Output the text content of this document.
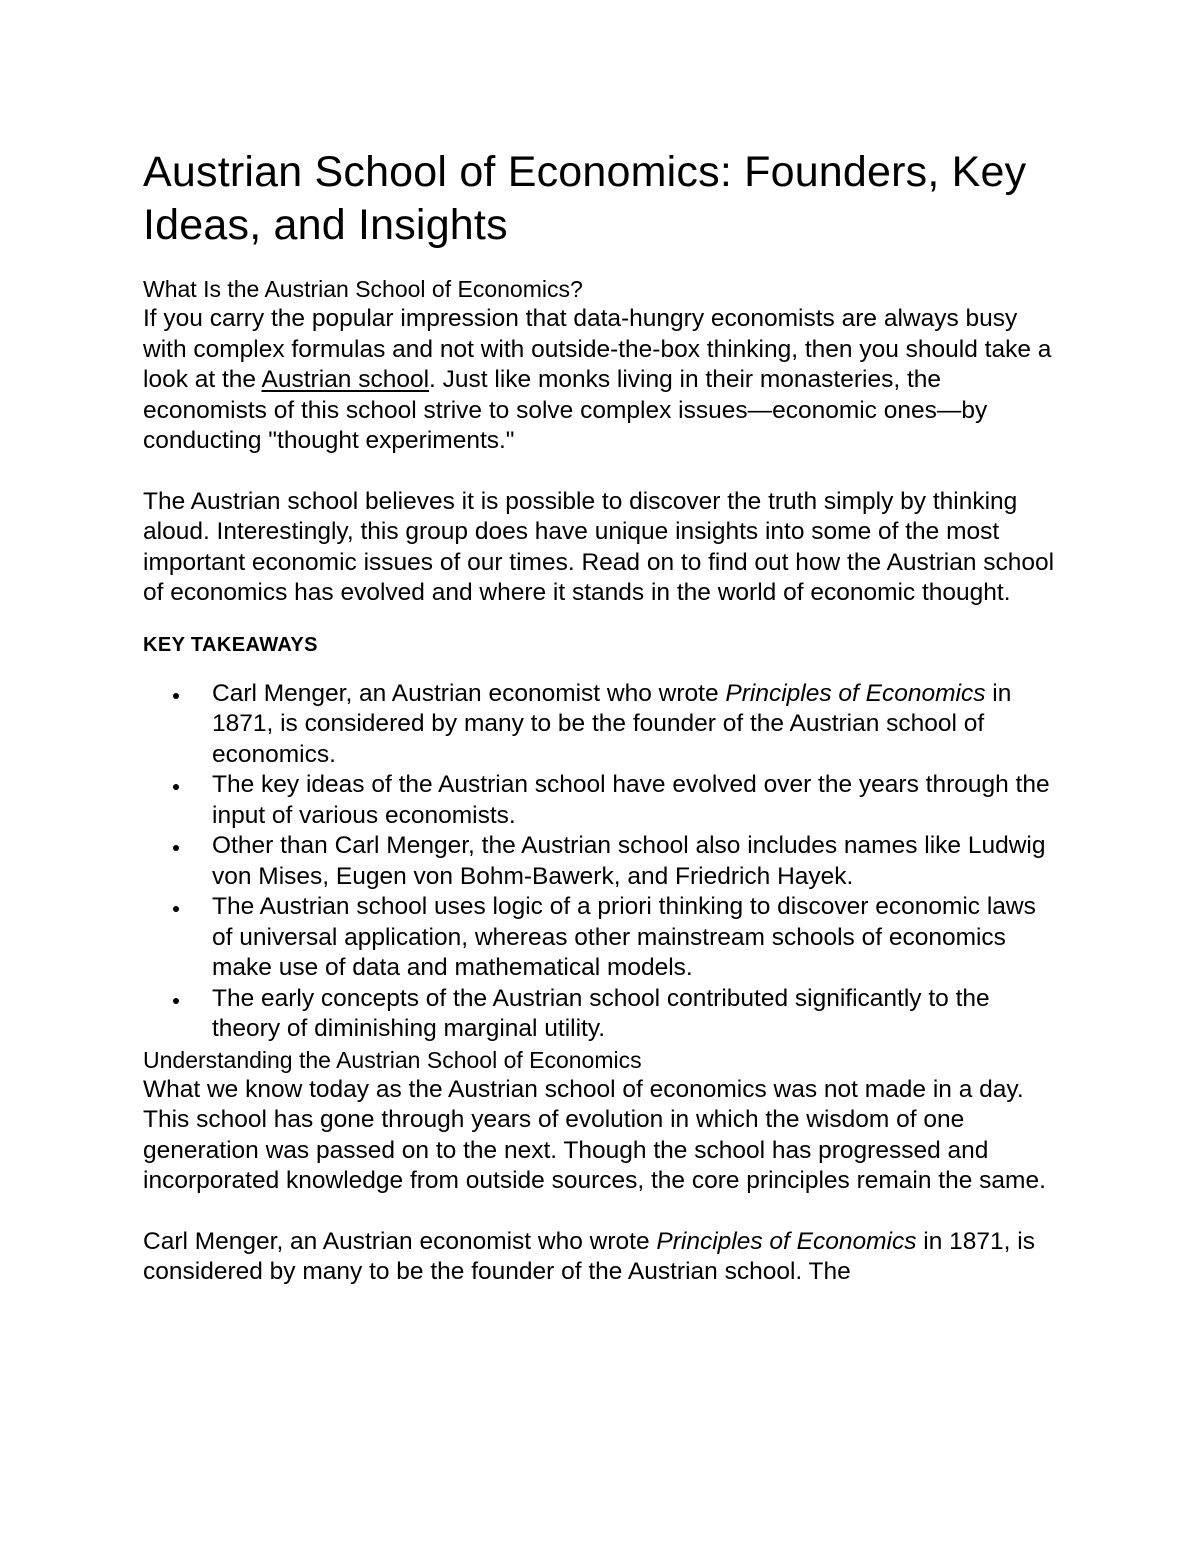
Austrian School of Economics: Founders, Key Ideas, and Insights
What Is the Austrian School of Economics?

If you carry the popular impression that data-hungry economists are always busy with complex formulas and not with outside-the-box thinking, then you should take a look at the Austrian school. Just like monks living in their monasteries, the economists of this school strive to solve complex issues—economic ones—by conducting "thought experiments."

The Austrian school believes it is possible to discover the truth simply by thinking aloud. Interestingly, this group does have unique insights into some of the most important economic issues of our times. Read on to find out how the Austrian school of economics has evolved and where it stands in the world of economic thought.

KEY TAKEAWAYS
Carl Menger, an Austrian economist who wrote Principles of Economics in 1871, is considered by many to be the founder of the Austrian school of economics.
The key ideas of the Austrian school have evolved over the years through the input of various economists.
Other than Carl Menger, the Austrian school also includes names like Ludwig von Mises, Eugen von Bohm-Bawerk, and Friedrich Hayek.
The Austrian school uses logic of a priori thinking to discover economic laws of universal application, whereas other mainstream schools of economics make use of data and mathematical models.
The early concepts of the Austrian school contributed significantly to the theory of diminishing marginal utility.
Understanding the Austrian School of Economics

What we know today as the Austrian school of economics was not made in a day. This school has gone through years of evolution in which the wisdom of one generation was passed on to the next. Though the school has progressed and incorporated knowledge from outside sources, the core principles remain the same.

Carl Menger, an Austrian economist who wrote Principles of Economics in 1871, is considered by many to be the founder of the Austrian school. The
